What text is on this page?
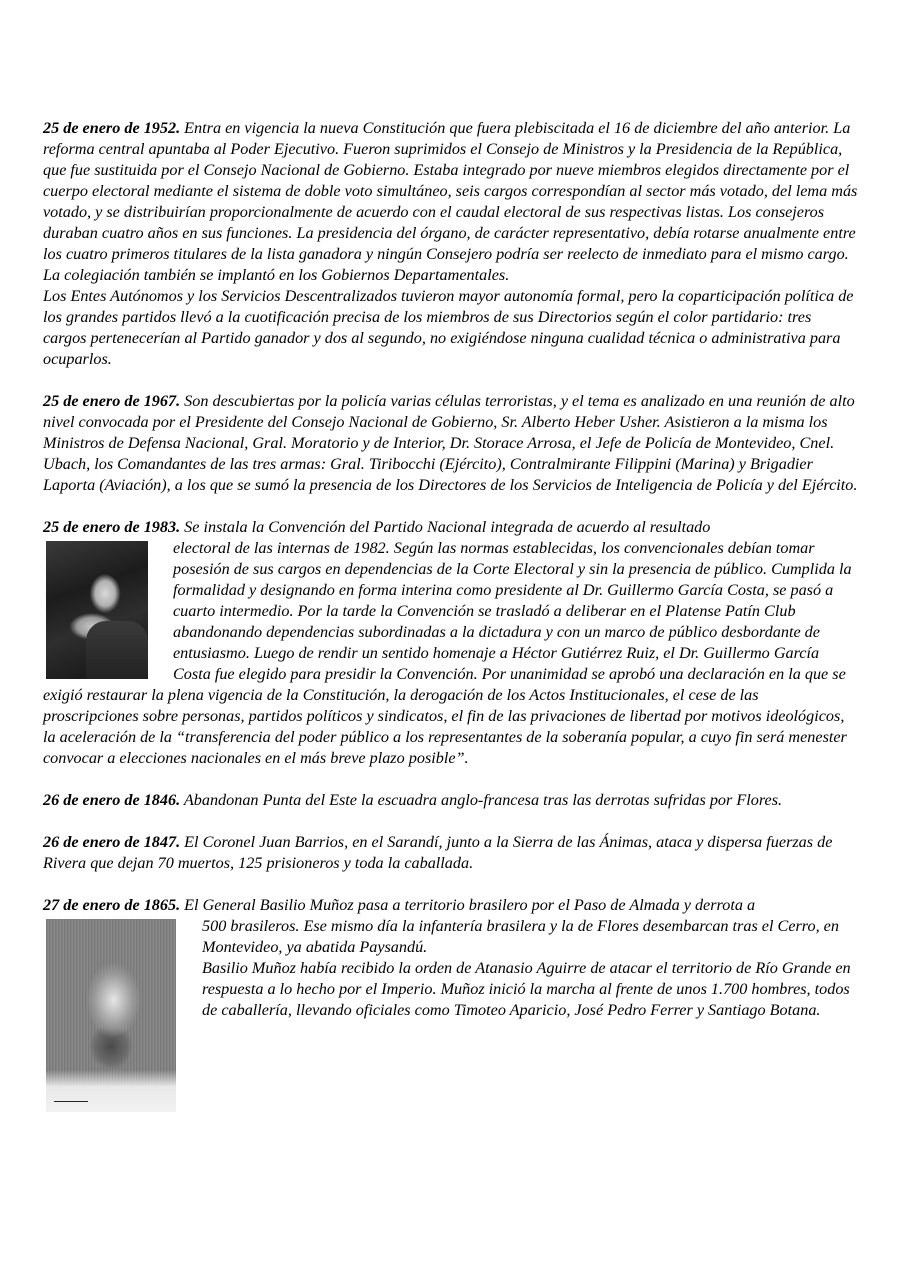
25 de enero de 1952. Entra en vigencia la nueva Constitución que fuera plebiscitada el 16 de diciembre del año anterior. La reforma central apuntaba al Poder Ejecutivo. Fueron suprimidos el Consejo de Ministros y la Presidencia de la República, que fue sustituida por el Consejo Nacional de Gobierno. Estaba integrado por nueve miembros elegidos directamente por el cuerpo electoral mediante el sistema de doble voto simultáneo, seis cargos correspondían al sector más votado, del lema más votado, y se distribuirían proporcionalmente de acuerdo con el caudal electoral de sus respectivas listas. Los consejeros duraban cuatro años en sus funciones. La presidencia del órgano, de carácter representativo, debía rotarse anualmente entre los cuatro primeros titulares de la lista ganadora y ningún Consejero podría ser reelecto de inmediato para el mismo cargo.

La colegiación también se implantó en los Gobiernos Departamentales.

Los Entes Autónomos y los Servicios Descentralizados tuvieron mayor autonomía formal, pero la coparticipación política de los grandes partidos llevó a la cuotificación precisa de los miembros de sus Directorios según el color partidario: tres cargos pertenecerían al Partido ganador y dos al segundo, no exigiéndose ninguna cualidad técnica o administrativa para ocuparlos.

25 de enero de 1967. Son descubiertas por la policía varias células terroristas, y el tema es analizado en una reunión de alto nivel convocada por el Presidente del Consejo Nacional de Gobierno, Sr. Alberto Heber Usher. Asistieron a la misma los Ministros de Defensa Nacional, Gral. Moratorio y de Interior, Dr. Storace Arrosa, el Jefe de Policía de Montevideo, Cnel. Ubach, los Comandantes de las tres armas: Gral. Tiribocchi (Ejército), Contralmirante Filippini (Marina) y Brigadier Laporta (Aviación), a los que se sumó la presencia de los Directores de los Servicios de Inteligencia de Policía y del Ejército.

25 de enero de 1983. Se instala la Convención del Partido Nacional integrada de acuerdo al resultado

electoral de las internas de 1982. Según las normas establecidas, los convencionales debían tomar posesión de sus cargos en dependencias de la Corte Electoral y sin la presencia de público. Cumplida la formalidad y designando en forma interina como presidente al Dr. Guillermo García Costa, se pasó a cuarto intermedio. Por la tarde la Convención se trasladó a deliberar en el Platense Patín Club abandonando dependencias subordinadas a la dictadura y con un marco de público desbordante de entusiasmo. Luego de rendir un sentido homenaje a Héctor Gutiérrez Ruiz, el Dr. Guillermo García Costa fue elegido para presidir la Convención. Por unanimidad se aprobó una declaración en la que se exigió restaurar la plena vigencia de la Constitución, la derogación de los Actos Institucionales, el cese de las proscripciones sobre personas, partidos políticos y sindicatos, el fin de las privaciones de libertad por motivos ideológicos, la aceleración de la “transferencia del poder público a los representantes de la soberanía popular, a cuyo fin será menester convocar a elecciones nacionales en el más breve plazo posible”.

26 de enero de 1846. Abandonan Punta del Este la escuadra anglo-francesa tras las derrotas sufridas por Flores.

26 de enero de 1847. El Coronel Juan Barrios, en el Sarandí, junto a la Sierra de las Ánimas, ataca y dispersa fuerzas de Rivera que dejan 70 muertos, 125 prisioneros y toda la caballada.

27 de enero de 1865. El General Basilio Muñoz pasa a territorio brasilero por el Paso de Almada y derrota a

500 brasileros. Ese mismo día la infantería brasilera y la de Flores desembarcan tras el Cerro, en Montevideo, ya abatida Paysandú.

Basilio Muñoz había recibido la orden de Atanasio Aguirre de atacar el territorio de Río Grande en respuesta a lo hecho por el Imperio. Muñoz inició la marcha al frente de unos 1.700 hombres, todos de caballería, llevando oficiales como Timoteo Aparicio, José Pedro Ferrer y Santiago Botana.
